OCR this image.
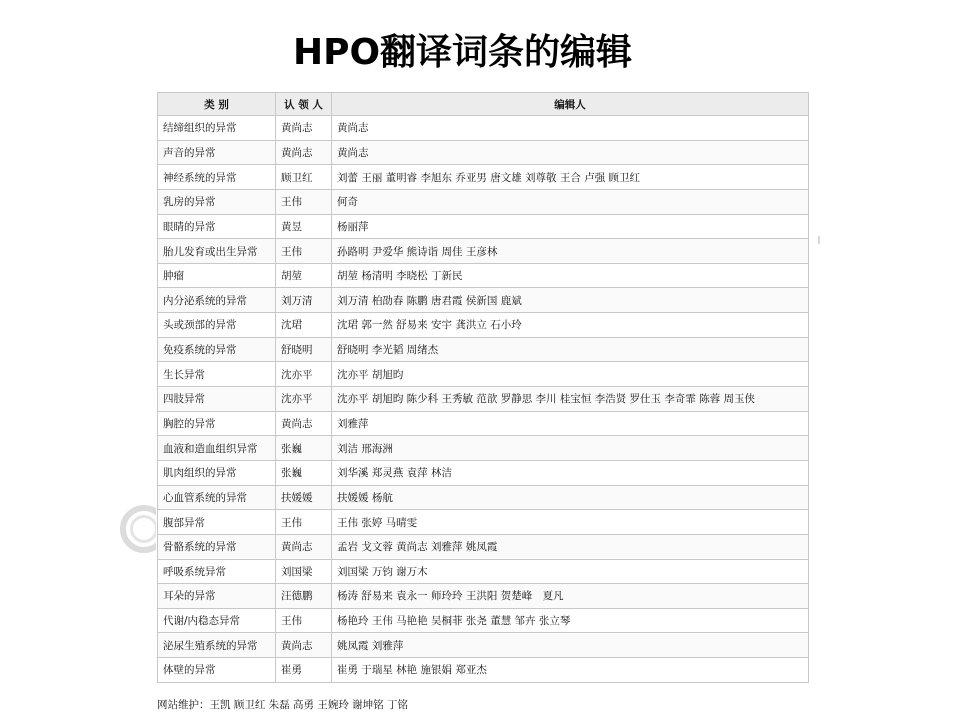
HPO翻译词条的编辑
类 别	认 领 人	编辑人
结缔组织的异常	黄尚志	黄尚志
声音的异常	黄尚志	黄尚志
神经系统的异常	顾卫红	刘蕾 王丽 董明睿 李旭东 乔亚男 唐文雄 刘尊敬 王合 卢强 顾卫红
乳房的异常	王伟	何奇
眼睛的异常	黄昱	杨丽萍
胎儿发育或出生异常	王伟	孙路明 尹爱华 熊诗诣 周佳 王彦林
肿瘤	胡堃	胡堃 杨清明 李晓松 丁新民
内分泌系统的异常	刘万清	刘万清 柏劭春 陈鹏 唐君霞 侯新国 鹿斌
头或颈部的异常	沈珺	沈珺 郭一然 舒易来 安宇 龚洪立 石小玲
免疫系统的异常	舒晓明	舒晓明 李光韬 周绪杰
生长异常	沈亦平	沈亦平 胡旭昀
四肢异常	沈亦平	沈亦平 胡旭昀 陈少科 王秀敏 范歆 罗静思 李川 桂宝恒 李浩贤 罗仕玉 李奇霏 陈蓉 周玉侠
胸腔的异常	黄尚志	刘雅萍
血液和造血组织异常	张巍	刘洁 邢海洲
肌肉组织的异常	张巍	刘华溪 郑灵燕 袁萍 林洁
心血管系统的异常	扶媛媛	扶媛媛 杨航
腹部异常	王伟	王伟 张婷 马晴雯
骨骼系统的异常	黄尚志	孟岩 戈文蓉 黄尚志 刘雅萍 姚凤霞
呼吸系统异常	刘国梁	刘国梁 万钧 谢万木
耳朵的异常	汪德鹏	杨涛 舒易来 袁永一 师玲玲 王洪阳 贺楚峰　夏凡
代谢/内稳态异常	王伟	杨艳玲 王伟 马艳艳 吴桐菲 张尧 董慧 邹卉 张立琴
泌尿生殖系统的异常	黄尚志	姚凤霞 刘雅萍
体壁的异常	崔勇	崔勇 于瑞星 林艳 施银娟 郑亚杰
网站维护：王凯 顾卫红 朱磊 高勇 王婉玲 谢坤铭 丁铭
